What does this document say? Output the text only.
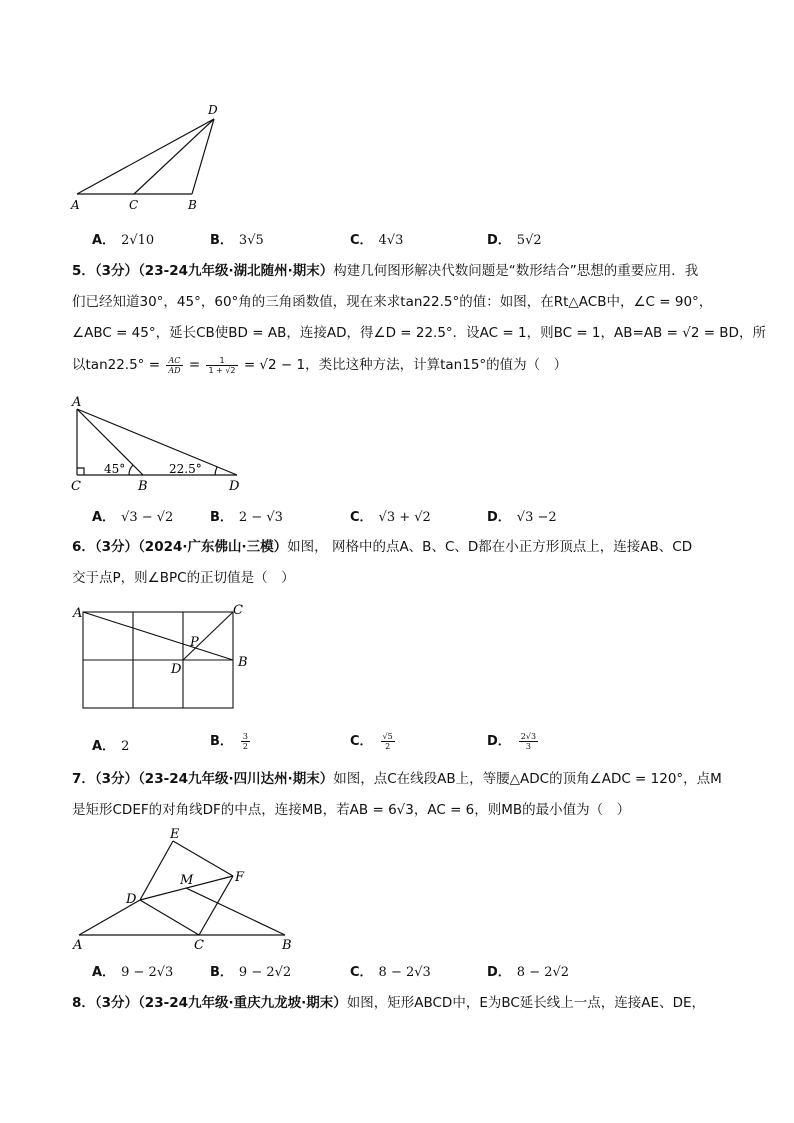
D
A	C	B
A． 2√10	B． 3√5	C． 4√3	D． 5√2
5．（3分）（23-24九年级·湖北随州·期末）构建几何图形解决代数问题是“数形结合”思想的重要应用．我
们已经知道30°，45°，60°角的三角函数值，现在来求tan22.5°的值：如图，在Rt△ACB中，∠C = 90°，
∠ABC = 45°，延长CB使BD = AB，连接AD，得∠D = 22.5°．设AC = 1，则BC = 1，AB=AB = √2 = BD，所
以$\tan 22.5^\circ = \frac{AC}{AD} = \frac{1}{1 + √2} = √2 - 1$，类比这种方法，计算tan15°的值为（　）
A
C	B	D
45°	22.5°
A． √3 − √2	B． 2 − √3	C． √3 + √2	D． √3 −2
6．（3分）（2024·广东佛山·三模）如图， 网格中的点A、B、C、D都在小正方形顶点上，连接AB、CD
交于点P，则∠BPC的正切值是（　）
A	C
B
D
P
A． 2	B． $\frac{3}{2}$	C． $\frac{√5}{2}$	D． $\frac{2√3}{3}$
7．（3分）（23-24九年级·四川达州·期末）如图，点C在线段AB上，等腰△ADC的顶角∠ADC = 120°，点M
是矩形CDEF的对角线DF的中点，连接MB，若AB = 6√3，AC = 6，则MB的最小值为（　）
E
M	F
D
A	C	B
A． 9 − 2√3	B． 9 − 2√2	C． 8 − 2√3	D． 8 − 2√2
8．（3分）（23-24九年级·重庆九龙坡·期末）如图，矩形ABCD中，E为BC延长线上一点，连接AE、DE，
